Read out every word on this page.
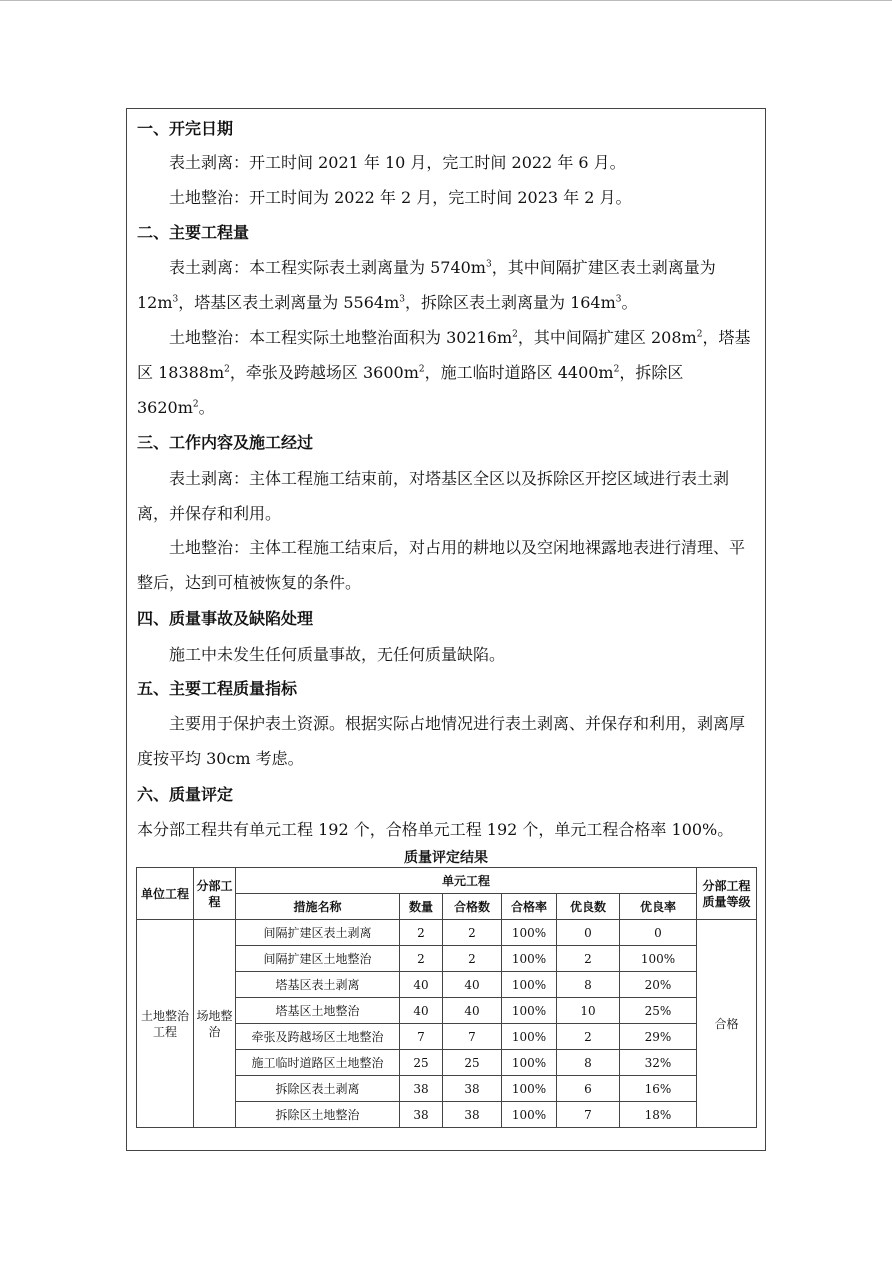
一、开完日期
表土剥离：开工时间 2021 年 10 月，完工时间 2022 年 6 月。
土地整治：开工时间为 2022 年 2 月，完工时间 2023 年 2 月。
二、主要工程量
表土剥离：本工程实际表土剥离量为 $5740m^3$，其中间隔扩建区表土剥离量为 $12m^3$，塔基区表土剥离量为 $5564m^3$，拆除区表土剥离量为 $164m^3$。
土地整治：本工程实际土地整治面积为 $30216m^2$，其中间隔扩建区 $208m^2$，塔基区 $18388m^2$，牵张及跨越场区 $3600m^2$，施工临时道路区 $4400m^2$，拆除区 $3620m^2$。
三、工作内容及施工经过
表土剥离：主体工程施工结束前，对塔基区全区以及拆除区开挖区域进行表土剥离，并保存和利用。
土地整治：主体工程施工结束后，对占用的耕地以及空闲地裸露地表进行清理、平整后，达到可植被恢复的条件。
四、质量事故及缺陷处理
施工中未发生任何质量事故，无任何质量缺陷。
五、主要工程质量指标
主要用于保护表土资源。根据实际占地情况进行表土剥离、并保存和利用，剥离厚度按平均 30cm 考虑。
六、质量评定
本分部工程共有单元工程 192 个，合格单元工程 192 个，单元工程合格率 100%。
质量评定结果
单位工程	分部工程	单元工程						分部工程质量等级
		措施名称	数量	合格数	合格率	优良数	优良率	
土地整治工程	场地整治	间隔扩建区表土剥离	2	2	100%	0	0	合格
		间隔扩建区土地整治	2	2	100%	2	100%	
		塔基区表土剥离	40	40	100%	8	20%	
		塔基区土地整治	40	40	100%	10	25%	
		牵张及跨越场区土地整治	7	7	100%	2	29%	
		施工临时道路区土地整治	25	25	100%	8	32%	
		拆除区表土剥离	38	38	100%	6	16%	
		拆除区土地整治	38	38	100%	7	18%	
